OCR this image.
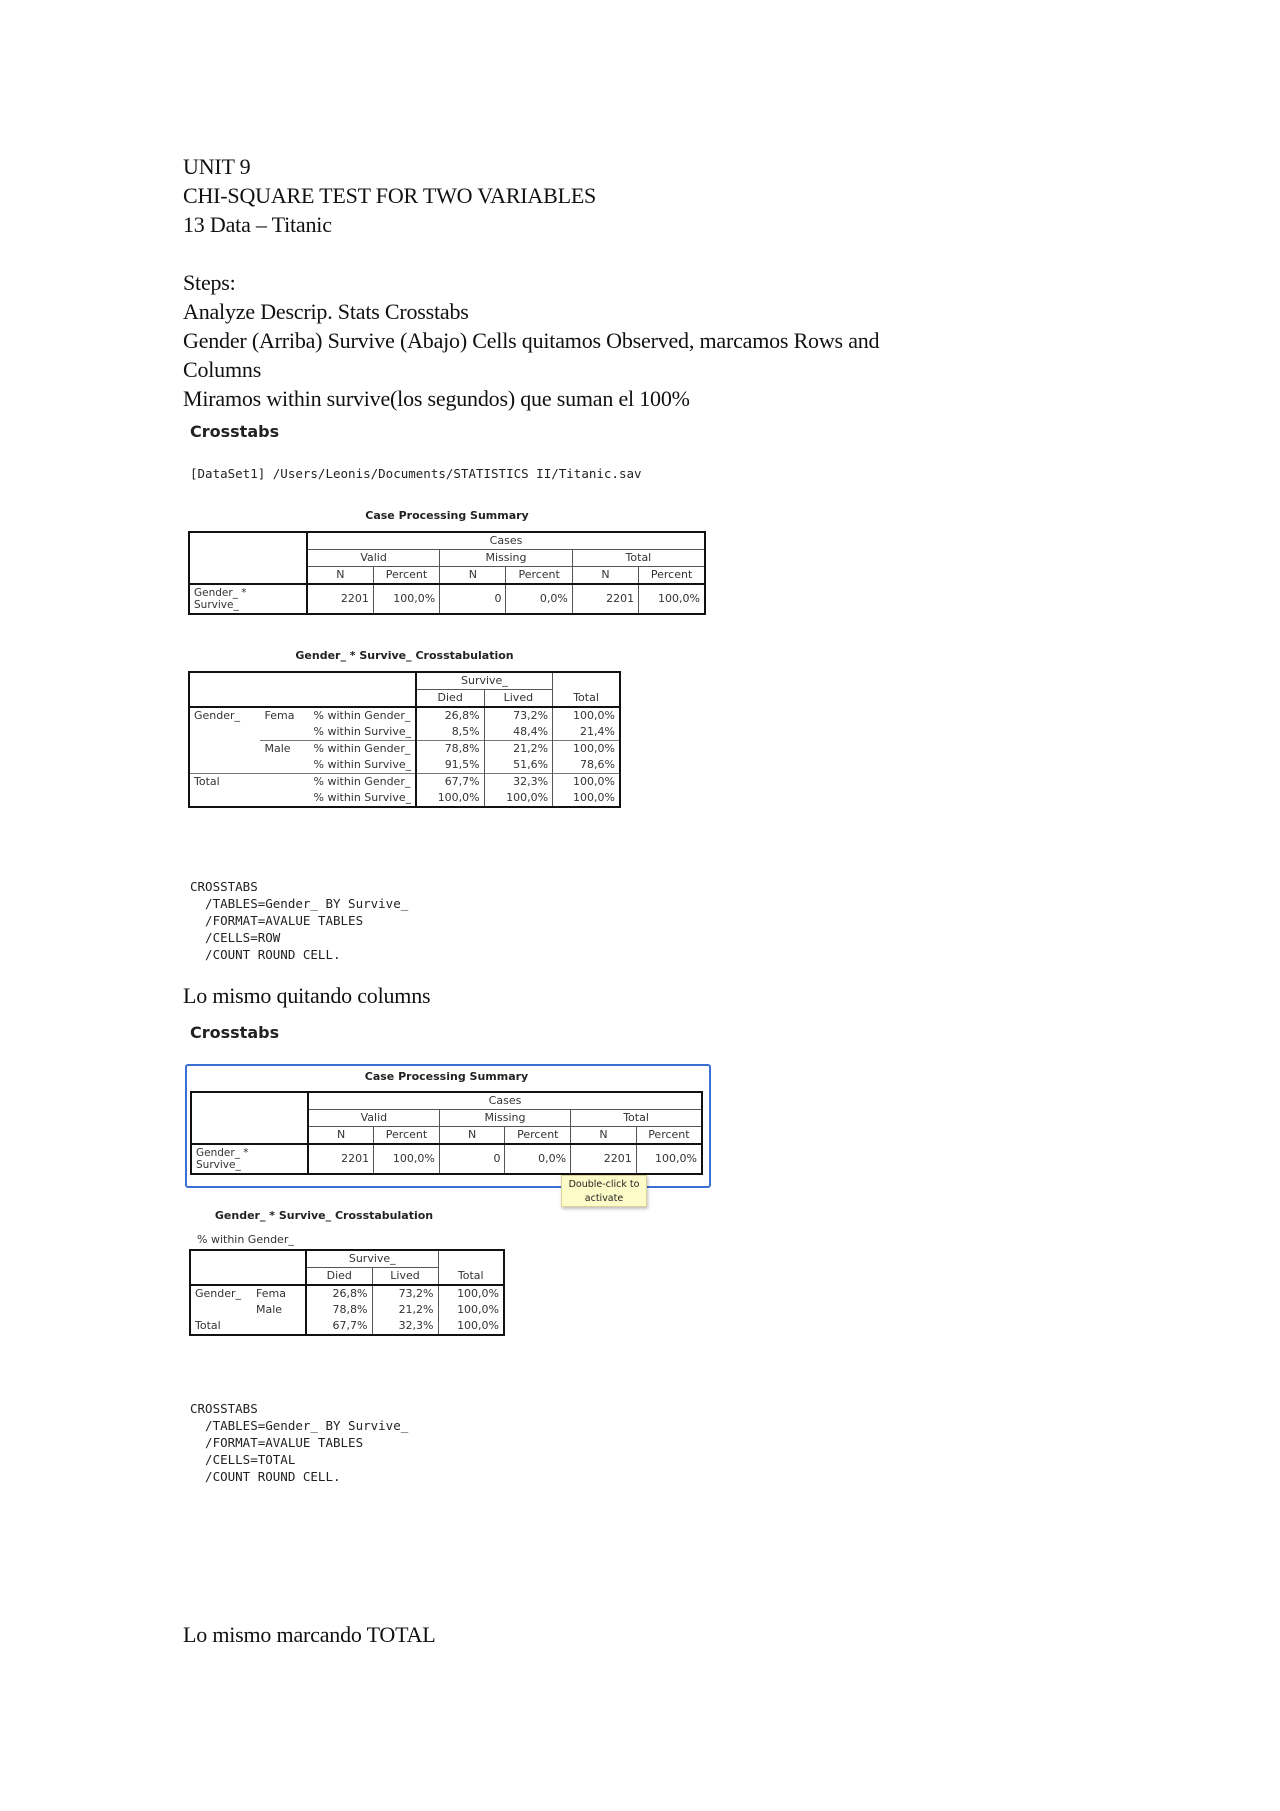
UNIT 9
CHI-SQUARE TEST FOR TWO VARIABLES
13 Data – Titanic
Steps:
Analyze Descrip. Stats Crosstabs
Gender (Arriba) Survive (Abajo) Cells quitamos Observed, marcamos Rows and
Columns
Miramos within survive(los segundos) que suman el 100%
Crosstabs
[DataSet1] /Users/Leonis/Documents/STATISTICS II/Titanic.sav
Case Processing Summary
	Cases					
	Valid		Missing		Total	
	N	Percent	N	Percent	N	Percent
Gender_ *
Survive_	2201	100,0%	0	0,0%	2201	100,0%
Gender_ * Survive_ Crosstabulation
			Survive_		Total
			Died	Lived	
Gender_	Fema	% within Gender_	26,8%	73,2%	100,0%
		% within Survive_	8,5%	48,4%	21,4%
	Male	% within Gender_	78,8%	21,2%	100,0%
		% within Survive_	91,5%	51,6%	78,6%
Total		% within Gender_	67,7%	32,3%	100,0%
		% within Survive_	100,0%	100,0%	100,0%

CROSSTABS
/TABLES=Gender_ BY Survive_
/FORMAT=AVALUE TABLES
/CELLS=ROW
/COUNT ROUND CELL.

Lo mismo quitando columns
Crosstabs
Case Processing Summary
	Cases					
	Valid		Missing		Total	
	N	Percent	N	Percent	N	Percent
Gender_ *
Survive_	2201	100,0%	0	0,0%	2201	100,0%
Double-click to activate
Gender_ * Survive_ Crosstabulation
% within Gender_
		Survive_		Total
		Died	Lived	
Gender_	Fema	26,8%	73,2%	100,0%
	Male	78,8%	21,2%	100,0%
Total		67,7%	32,3%	100,0%

CROSSTABS
/TABLES=Gender_ BY Survive_
/FORMAT=AVALUE TABLES
/CELLS=TOTAL
/COUNT ROUND CELL.

Lo mismo marcando TOTAL
